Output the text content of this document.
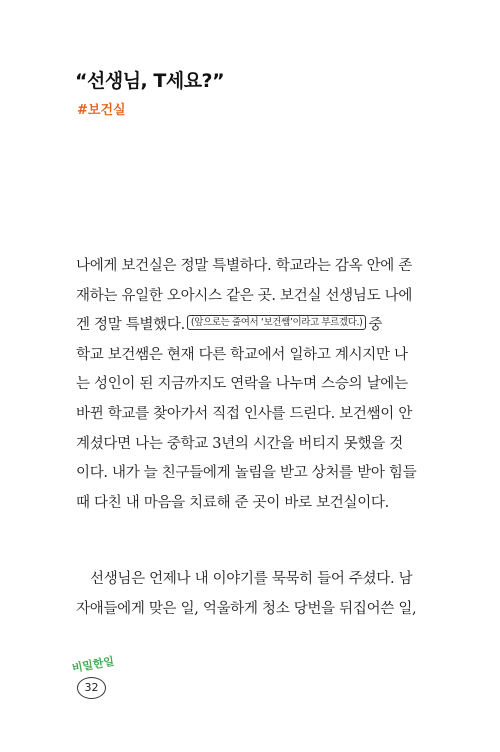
“선생님, T세요?”
#보건실
나에게 보건실은 정말 특별하다. 학교라는 감옥 안에 존
재하는 유일한 오아시스 같은 곳. 보건실 선생님도 나에
겐 정말 특별했다. $^{(앞으로는 줄여서 ‘보건쌤’이라고 부르겠다.)}$ 중
학교 보건쌤은 현재 다른 학교에서 일하고 계시지만 나
는 성인이 된 지금까지도 연락을 나누며 스승의 날에는
바뀐 학교를 찾아가서 직접 인사를 드린다. 보건쌤이 안
계셨다면 나는 중학교 3년의 시간을 버티지 못했을 것
이다. 내가 늘 친구들에게 놀림을 받고 상처를 받아 힘들
때 다친 내 마음을 치료해 준 곳이 바로 보건실이다.
선생님은 언제나 내 이야기를 묵묵히 들어 주셨다. 남
자애들에게 맞은 일, 억울하게 청소 당번을 뒤집어쓴 일,
비밀한일
32
